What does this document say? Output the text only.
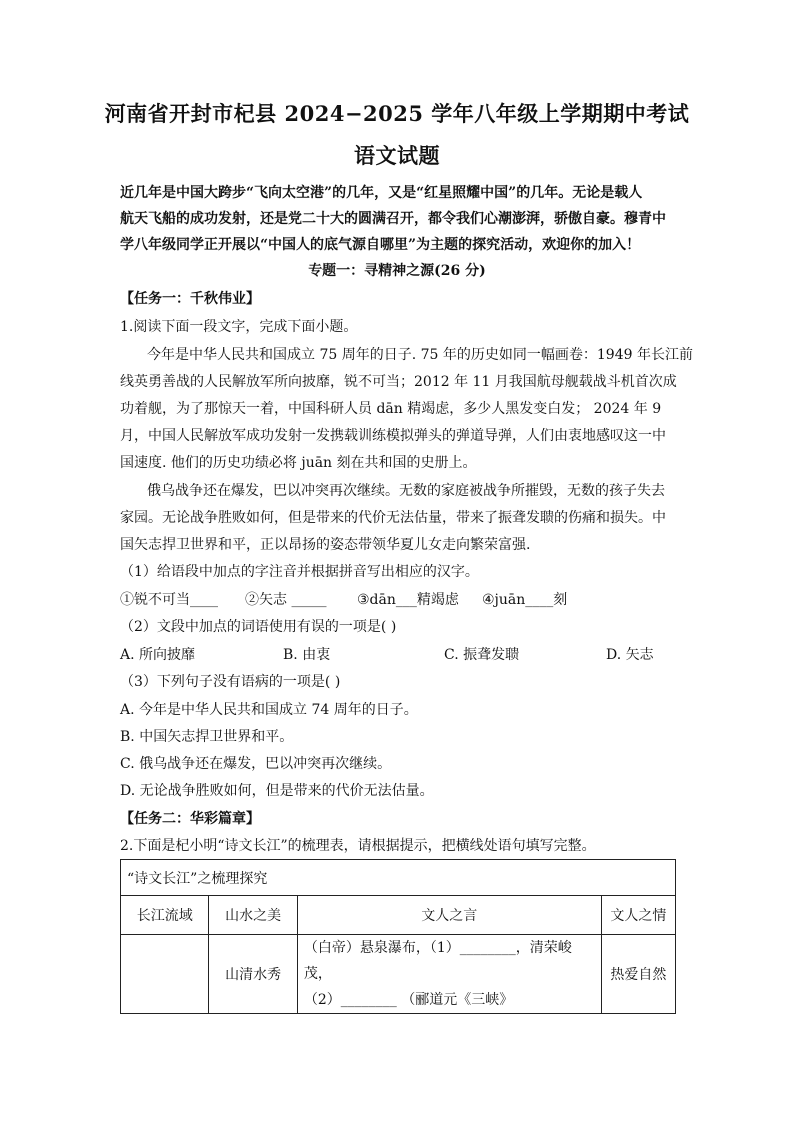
河南省开封市杞县 2024−2025 学年八年级上学期期中考试
语文试题
近几年是中国大跨步“飞向太空港”的几年，又是“红星照耀中国”的几年。无论是载人
航天飞船的成功发射，还是党二十大的圆满召开，都令我们心潮澎湃，骄傲自豪。穆青中
学八年级同学正开展以“中国人的底气源自哪里”为主题的探究活动，欢迎你的加入！
专题一：寻精神之源(26 分)
【任务一：千秋伟业】
1.阅读下面一段文字，完成下面小题。
今年是中华人民共和国成立 75 周年的日子. 75 年的历史如同一幅画卷：1949 年长江前
线英勇善战的人民解放军所向披靡，锐不可当；2012 年 11 月我国航母舰载战斗机首次成
功着舰，为了那惊天一着，中国科研人员 dān 精竭虑，多少人黑发变白发； 2024 年 9
月，中国人民解放军成功发射一发携载训练模拟弹头的弹道导弹，人们由衷地感叹这一中
国速度. 他们的历史功绩必将 juān 刻在共和国的史册上。
俄乌战争还在爆发，巴以冲突再次继续。无数的家庭被战争所摧毁，无数的孩子失去
家园。无论战争胜败如何，但是带来的代价无法估量，带来了振聋发聩的伤痛和损失。中
国矢志捍卫世界和平，正以昂扬的姿态带领华夏儿女走向繁荣富强.
（1）给语段中加点的字注音并根据拼音写出相应的汉字。
①锐不可当____ ②矢志 _____ ③dān___精竭虑 ④juān____刻
（2）文段中加点的词语使用有误的一项是( )
A. 所向披靡	B. 由衷	C. 振聋发聩	D. 矢志
（3）下列句子没有语病的一项是( )
A. 今年是中华人民共和国成立 74 周年的日子。
B. 中国矢志捍卫世界和平。
C. 俄乌战争还在爆发，巴以冲突再次继续。
D. 无论战争胜败如何，但是带来的代价无法估量。
【任务二：华彩篇章】
2.下面是杞小明“诗文长江”的梳理表，请根据提示，把横线处语句填写完整。
“诗文长江”之梳理探究			
长江流域	山水之美	文人之言	文人之情
	山清水秀	（白帝）悬泉瀑布，（1）________，清荣峻茂，
（2）________ （郦道元《三峡》	热爱自然
